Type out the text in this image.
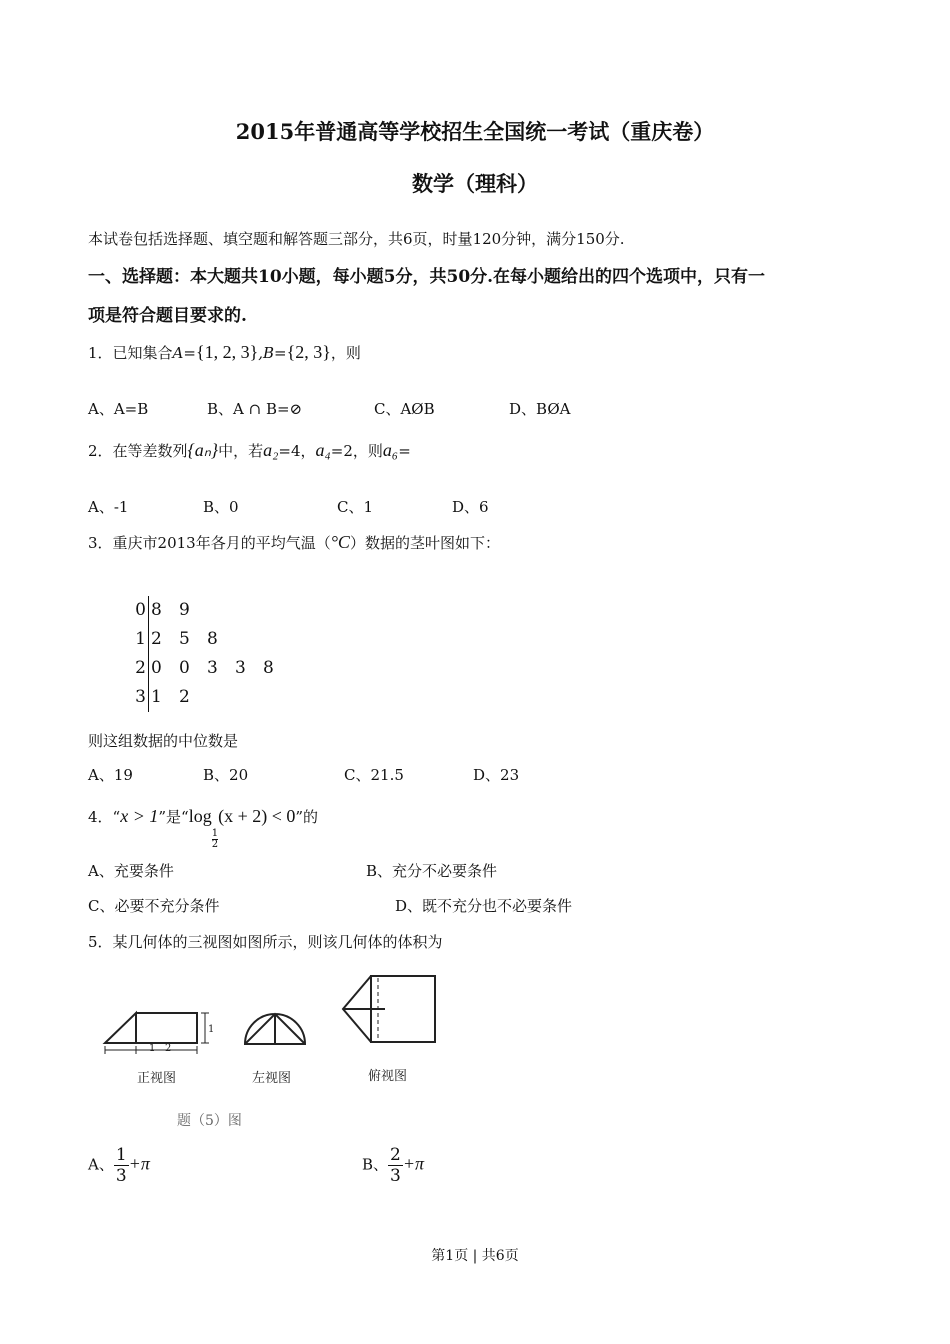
2015年普通高等学校招生全国统一考试（重庆卷）
数学（理科）
本试卷包括选择题、填空题和解答题三部分，共6页，时量120分钟，满分150分.
一、选择题：本大题共10小题，每小题5分，共50分.在每小题给出的四个选项中，只有一
项是符合题目要求的.
1．已知集合A={1, 2, 3},B={2, 3}，则
A、A=B	B、A ∩ B=⊘	C、AØB	D、BØA
2．在等差数列{aₙ}中，若a₂=4，a₄=2，则a₆=
A、-1	B、0	C、1	D、6
3．重庆市2013年各月的平均气温（°C）数据的茎叶图如下：
0 8 9
1 2 5 8
2 0 0 3 3 8
3 1 2
则这组数据的中位数是
A、19	B、20	C、21.5	D、23
4．“x > 1”是“log
$_{\frac{1}{2}}$
(x + 2) < 0”的
A、充要条件	B、充分不必要条件
C、必要不充分条件	D、既不充分也不必要条件
5．某几何体的三视图如图所示，则该几何体的体积为
1 2
1
正视图	左视图	俯视图
题（5）图
A、 $\frac{1}{3} +\pi$	B、 $\frac{2}{3} +\pi$
第1页 | 共6页
